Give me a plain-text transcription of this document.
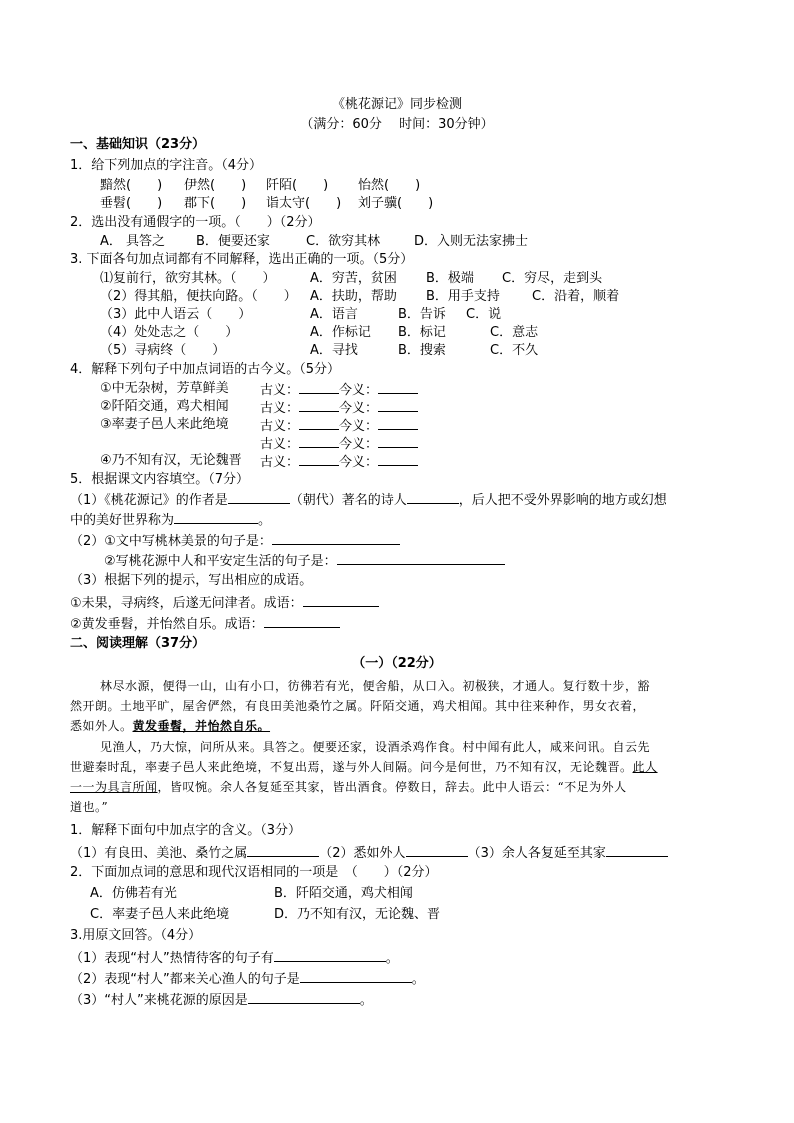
《桃花源记》同步检测
（满分：60分　 时间：30分钟）
一、基础知识（23分）
1．给下列加点的字注音。（4分）
黯然(　　) 伊然(　　) 阡陌(　　) 怡然(　　)
垂髫(　　) 郡下(　　) 诣太守(　　) 刘子骥(　　)
2．选出没有通假字的一项。（　　）（2分）
A． 具答之 B．便要还家	C．欲穷其林	D．入则无法家拂士
3. 下面各句加点词都有不同解释，选出正确的一项。（5分）
⑴复前行，欲穷其林。（　　）	A．穷苦，贫困 B．极端 C．穷尽，走到头
（2）得其船，便扶向路。（　　） A．扶助，帮助 B．用手支持 C．沿着，顺着
（3）此中人语云（　　）	A．语言	B．告诉 C．说
（4）处处志之（　　）	A．作标记 B．标记	C．意志
（5）寻病终（　　）	A．寻找	B．搜索	C．不久
4．解释下列句子中加点词语的古今义。（5分）
①中无杂树，芳草鲜美 古义：	今义：
②阡陌交通，鸡犬相闻 古义：	今义：
③率妻子邑人来此绝境 古义：	今义：
古义：	今义：
④乃不知有汉，无论魏晋 古义：	今义：
5．根据课文内容填空。（7分）
（1）《桃花源记》的作者是	（朝代）著名的诗人	，后人把不受外界影响的地方或幻想
中的美好世界称为	。
（2）①文中写桃林美景的句子是：
②写桃花源中人和平安定生活的句子是：
（3）根据下列的提示，写出相应的成语。
①未果，寻病终，后遂无问津者。成语：
②黄发垂髫，并怡然自乐。成语：
二、阅读理解（37分）
（一）（22分）
林尽水源，便得一山，山有小口，彷彿若有光，便舍船，从口入。初极狭，才通人。复行数十步，豁
然开朗。土地平旷，屋舍俨然，有良田美池桑竹之属。阡陌交通，鸡犬相闻。其中往来种作，男女衣着，
悉如外人。黄发垂髫，并怡然自乐。
见渔人，乃大惊，问所从来。具答之。便要还家，设酒杀鸡作食。村中闻有此人，咸来问讯。自云先
世避秦时乱，率妻子邑人来此绝境，不复出焉，遂与外人间隔。问今是何世，乃不知有汉，无论魏晋。此人
一一为具言所闻，皆叹惋。余人各复延至其家，皆出酒食。停数日，辞去。此中人语云：“不足为外人
道也。”
1．解释下面句中加点字的含义。（3分）
（1）有良田、美池、桑竹之属	（2）悉如外人	（3）余人各复延至其家
2．下面加点词的意思和现代汉语相同的一项是　（　　）（2分）
A．仿佛若有光	B．阡陌交通，鸡犬相闻
C．率妻子邑人来此绝境	D．乃不知有汉，无论魏、晋
3.用原文回答。（4分）
（1）表现“村人”热情待客的句子有	。
（2）表现“村人”都来关心渔人的句子是	。
（3）“村人”来桃花源的原因是	。
